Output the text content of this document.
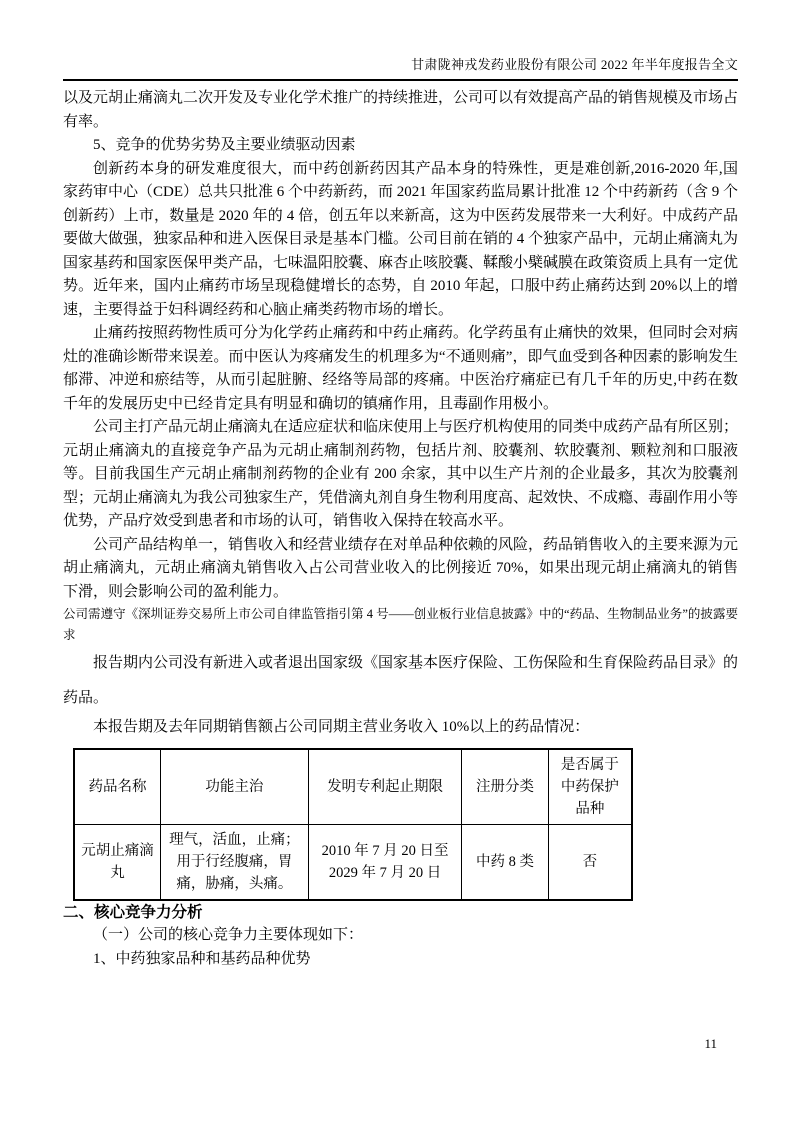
甘肃陇神戎发药业股份有限公司 2022 年半年度报告全文

以及元胡止痛滴丸二次开发及专业化学术推广的持续推进，公司可以有效提高产品的销售规模及市场占有率。

5、竞争的优势劣势及主要业绩驱动因素

创新药本身的研发难度很大，而中药创新药因其产品本身的特殊性，更是难创新,2016-2020 年,国家药审中心（CDE）总共只批准 6 个中药新药，而 2021 年国家药监局累计批准 12 个中药新药（含 9 个创新药）上市，数量是 2020 年的 4 倍，创五年以来新高，这为中医药发展带来一大利好。中成药产品要做大做强，独家品种和进入医保目录是基本门槛。公司目前在销的 4 个独家产品中，元胡止痛滴丸为国家基药和国家医保甲类产品，七味温阳胶囊、麻杏止咳胶囊、鞣酸小檗碱膜在政策资质上具有一定优势。近年来，国内止痛药市场呈现稳健增长的态势，自 2010 年起，口服中药止痛药达到 20%以上的增速，主要得益于妇科调经药和心脑止痛类药物市场的增长。

止痛药按照药物性质可分为化学药止痛药和中药止痛药。化学药虽有止痛快的效果，但同时会对病灶的准确诊断带来误差。而中医认为疼痛发生的机理多为“不通则痛”，即气血受到各种因素的影响发生郁滞、冲逆和瘀结等，从而引起脏腑、经络等局部的疼痛。中医治疗痛症已有几千年的历史,中药在数千年的发展历史中已经肯定具有明显和确切的镇痛作用，且毒副作用极小。

公司主打产品元胡止痛滴丸在适应症状和临床使用上与医疗机构使用的同类中成药产品有所区别；元胡止痛滴丸的直接竞争产品为元胡止痛制剂药物，包括片剂、胶囊剂、软胶囊剂、颗粒剂和口服液等。目前我国生产元胡止痛制剂药物的企业有 200 余家，其中以生产片剂的企业最多，其次为胶囊剂型；元胡止痛滴丸为我公司独家生产，凭借滴丸剂自身生物利用度高、起效快、不成瘾、毒副作用小等优势，产品疗效受到患者和市场的认可，销售收入保持在较高水平。

公司产品结构单一，销售收入和经营业绩存在对单品种依赖的风险，药品销售收入的主要来源为元胡止痛滴丸，元胡止痛滴丸销售收入占公司营业收入的比例接近 70%，如果出现元胡止痛滴丸的销售下滑，则会影响公司的盈利能力。

公司需遵守《深圳证券交易所上市公司自律监管指引第 4 号——创业板行业信息披露》中的“药品、生物制品业务”的披露要求

报告期内公司没有新进入或者退出国家级《国家基本医疗保险、工伤保险和生育保险药品目录》的药品。

本报告期及去年同期销售额占公司同期主营业务收入 10%以上的药品情况：

药品名称	功能主治	发明专利起止期限	注册分类	是否属于中药保护品种
元胡止痛滴丸	理气，活血，止痛；用于行经腹痛，胃痛，胁痛，头痛。	2010 年 7 月 20 日至 2029 年 7 月 20 日	中药 8 类	否

二、核心竞争力分析

（一）公司的核心竞争力主要体现如下：

1、中药独家品种和基药品种优势

11
